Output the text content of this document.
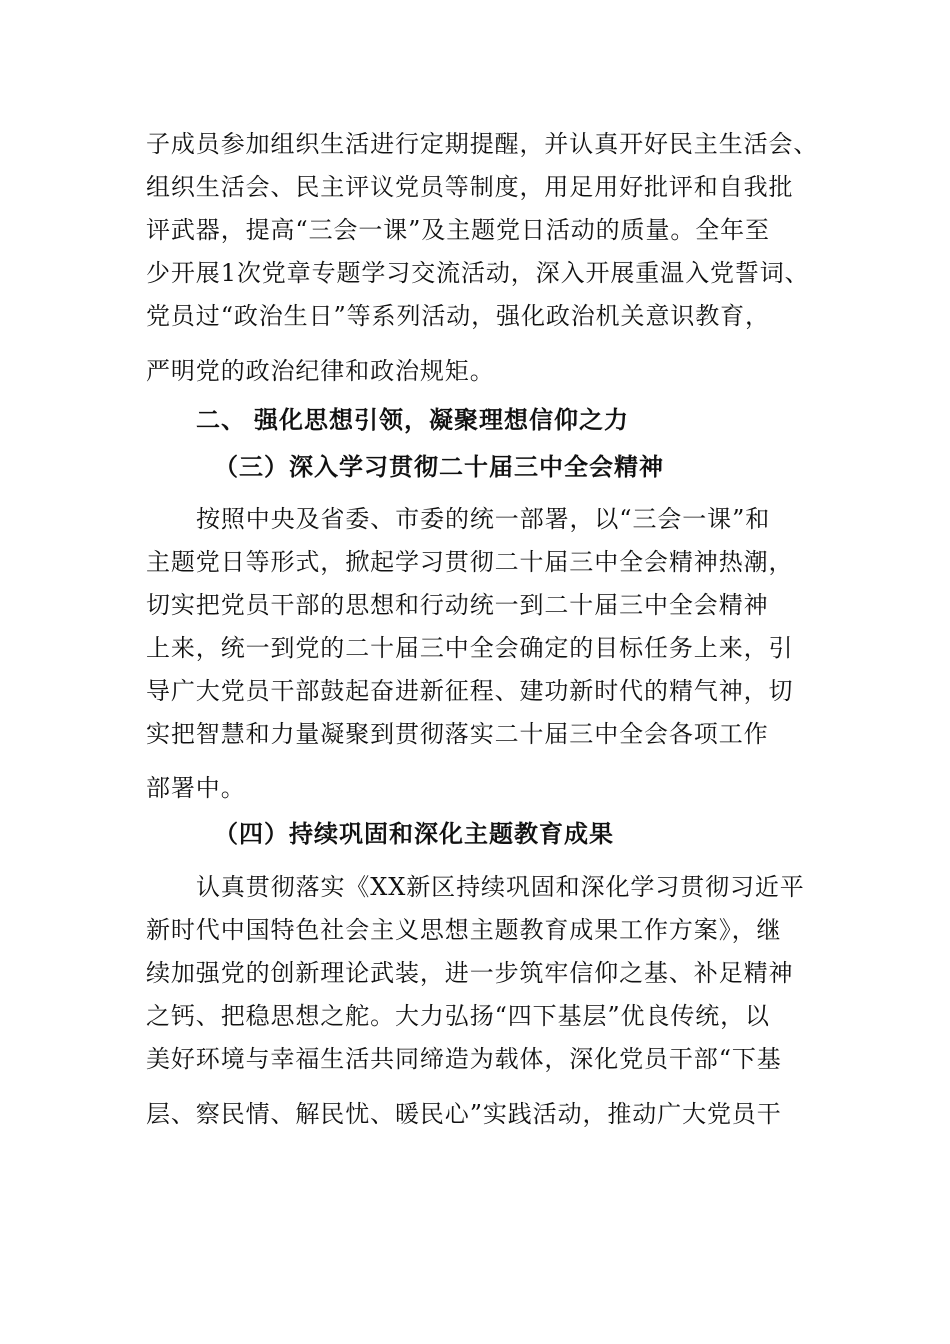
子成员参加组织生活进行定期提醒，并认真开好民主生活会、
组织生活会、民主评议党员等制度，用足用好批评和自我批
评武器，提高“三会一课”及主题党日活动的质量。全年至
少开展1次党章专题学习交流活动，深入开展重温入党誓词、
党员过“政治生日”等系列活动，强化政治机关意识教育，
严明党的政治纪律和政治规矩。
二、 强化思想引领，凝聚理想信仰之力
（三）深入学习贯彻二十届三中全会精神
按照中央及省委、市委的统一部署，以“三会一课”和
主题党日等形式，掀起学习贯彻二十届三中全会精神热潮，
切实把党员干部的思想和行动统一到二十届三中全会精神
上来，统一到党的二十届三中全会确定的目标任务上来，引
导广大党员干部鼓起奋进新征程、建功新时代的精气神，切
实把智慧和力量凝聚到贯彻落实二十届三中全会各项工作
部署中。
（四）持续巩固和深化主题教育成果
认真贯彻落实《XX新区持续巩固和深化学习贯彻习近平
新时代中国特色社会主义思想主题教育成果工作方案》，继
续加强党的创新理论武装，进一步筑牢信仰之基、补足精神
之钙、把稳思想之舵。大力弘扬“四下基层”优良传统，以
美好环境与幸福生活共同缔造为载体，深化党员干部“下基
层、察民情、解民忧、暖民心”实践活动，推动广大党员干
